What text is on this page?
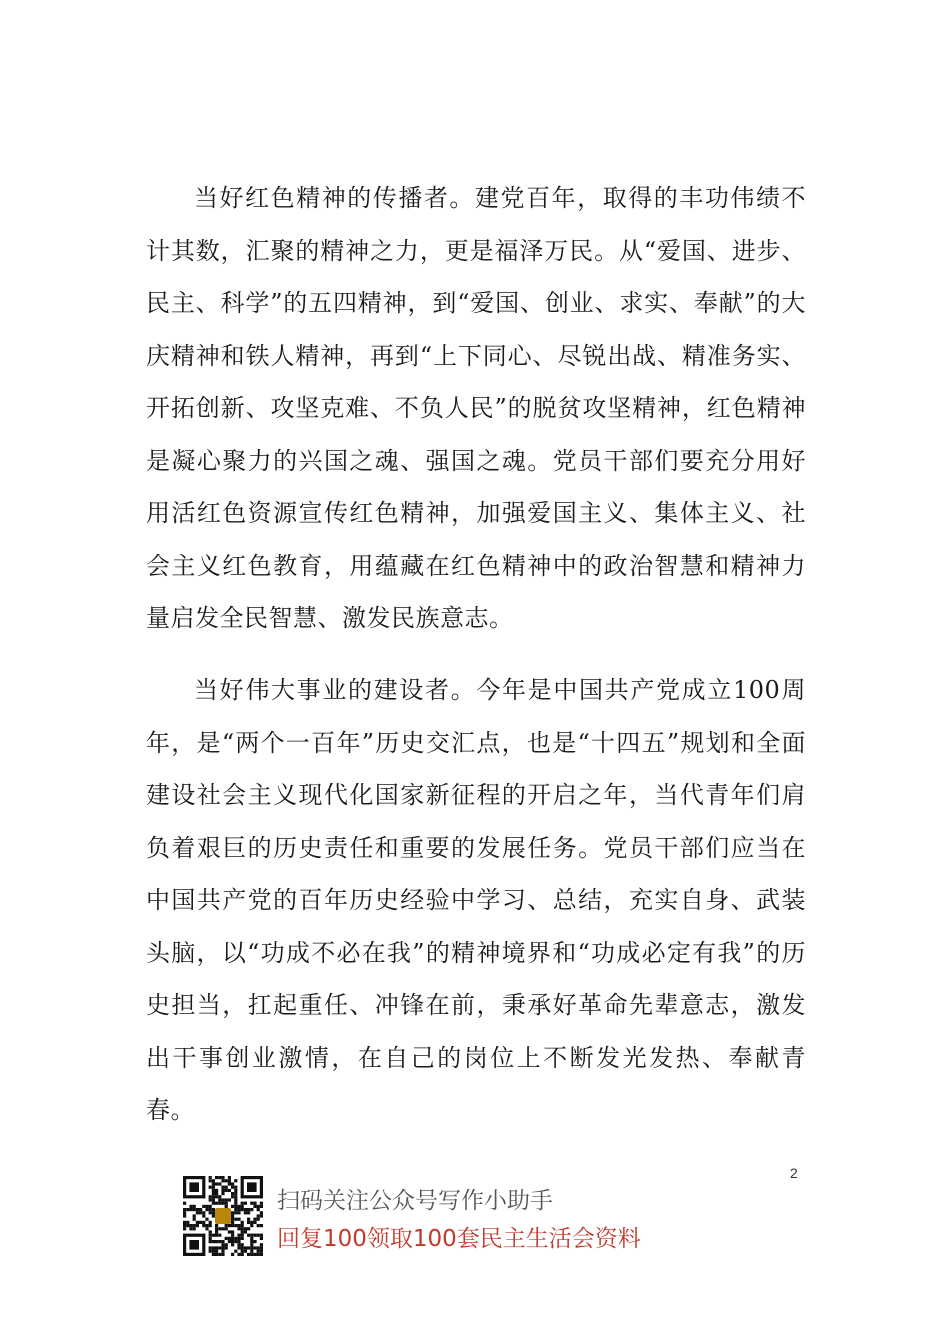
当好红色精神的传播者。建党百年，取得的丰功伟绩不计其数，汇聚的精神之力，更是福泽万民。从“爱国、进步、民主、科学”的五四精神，到“爱国、创业、求实、奉献”的大庆精神和铁人精神，再到“上下同心、尽锐出战、精准务实、开拓创新、攻坚克难、不负人民”的脱贫攻坚精神，红色精神是凝心聚力的兴国之魂、强国之魂。党员干部们要充分用好用活红色资源宣传红色精神，加强爱国主义、集体主义、社会主义红色教育，用蕴藏在红色精神中的政治智慧和精神力量启发全民智慧、激发民族意志。

当好伟大事业的建设者。今年是中国共产党成立100周年，是“两个一百年”历史交汇点，也是“十四五”规划和全面建设社会主义现代化国家新征程的开启之年，当代青年们肩负着艰巨的历史责任和重要的发展任务。党员干部们应当在中国共产党的百年历史经验中学习、总结，充实自身、武装头脑，以“功成不必在我”的精神境界和“功成必定有我”的历史担当，扛起重任、冲锋在前，秉承好革命先辈意志，激发出干事创业激情，在自己的岗位上不断发光发热、奉献青春。

2
扫码关注公众号写作小助手
回复100领取100套民主生活会资料
